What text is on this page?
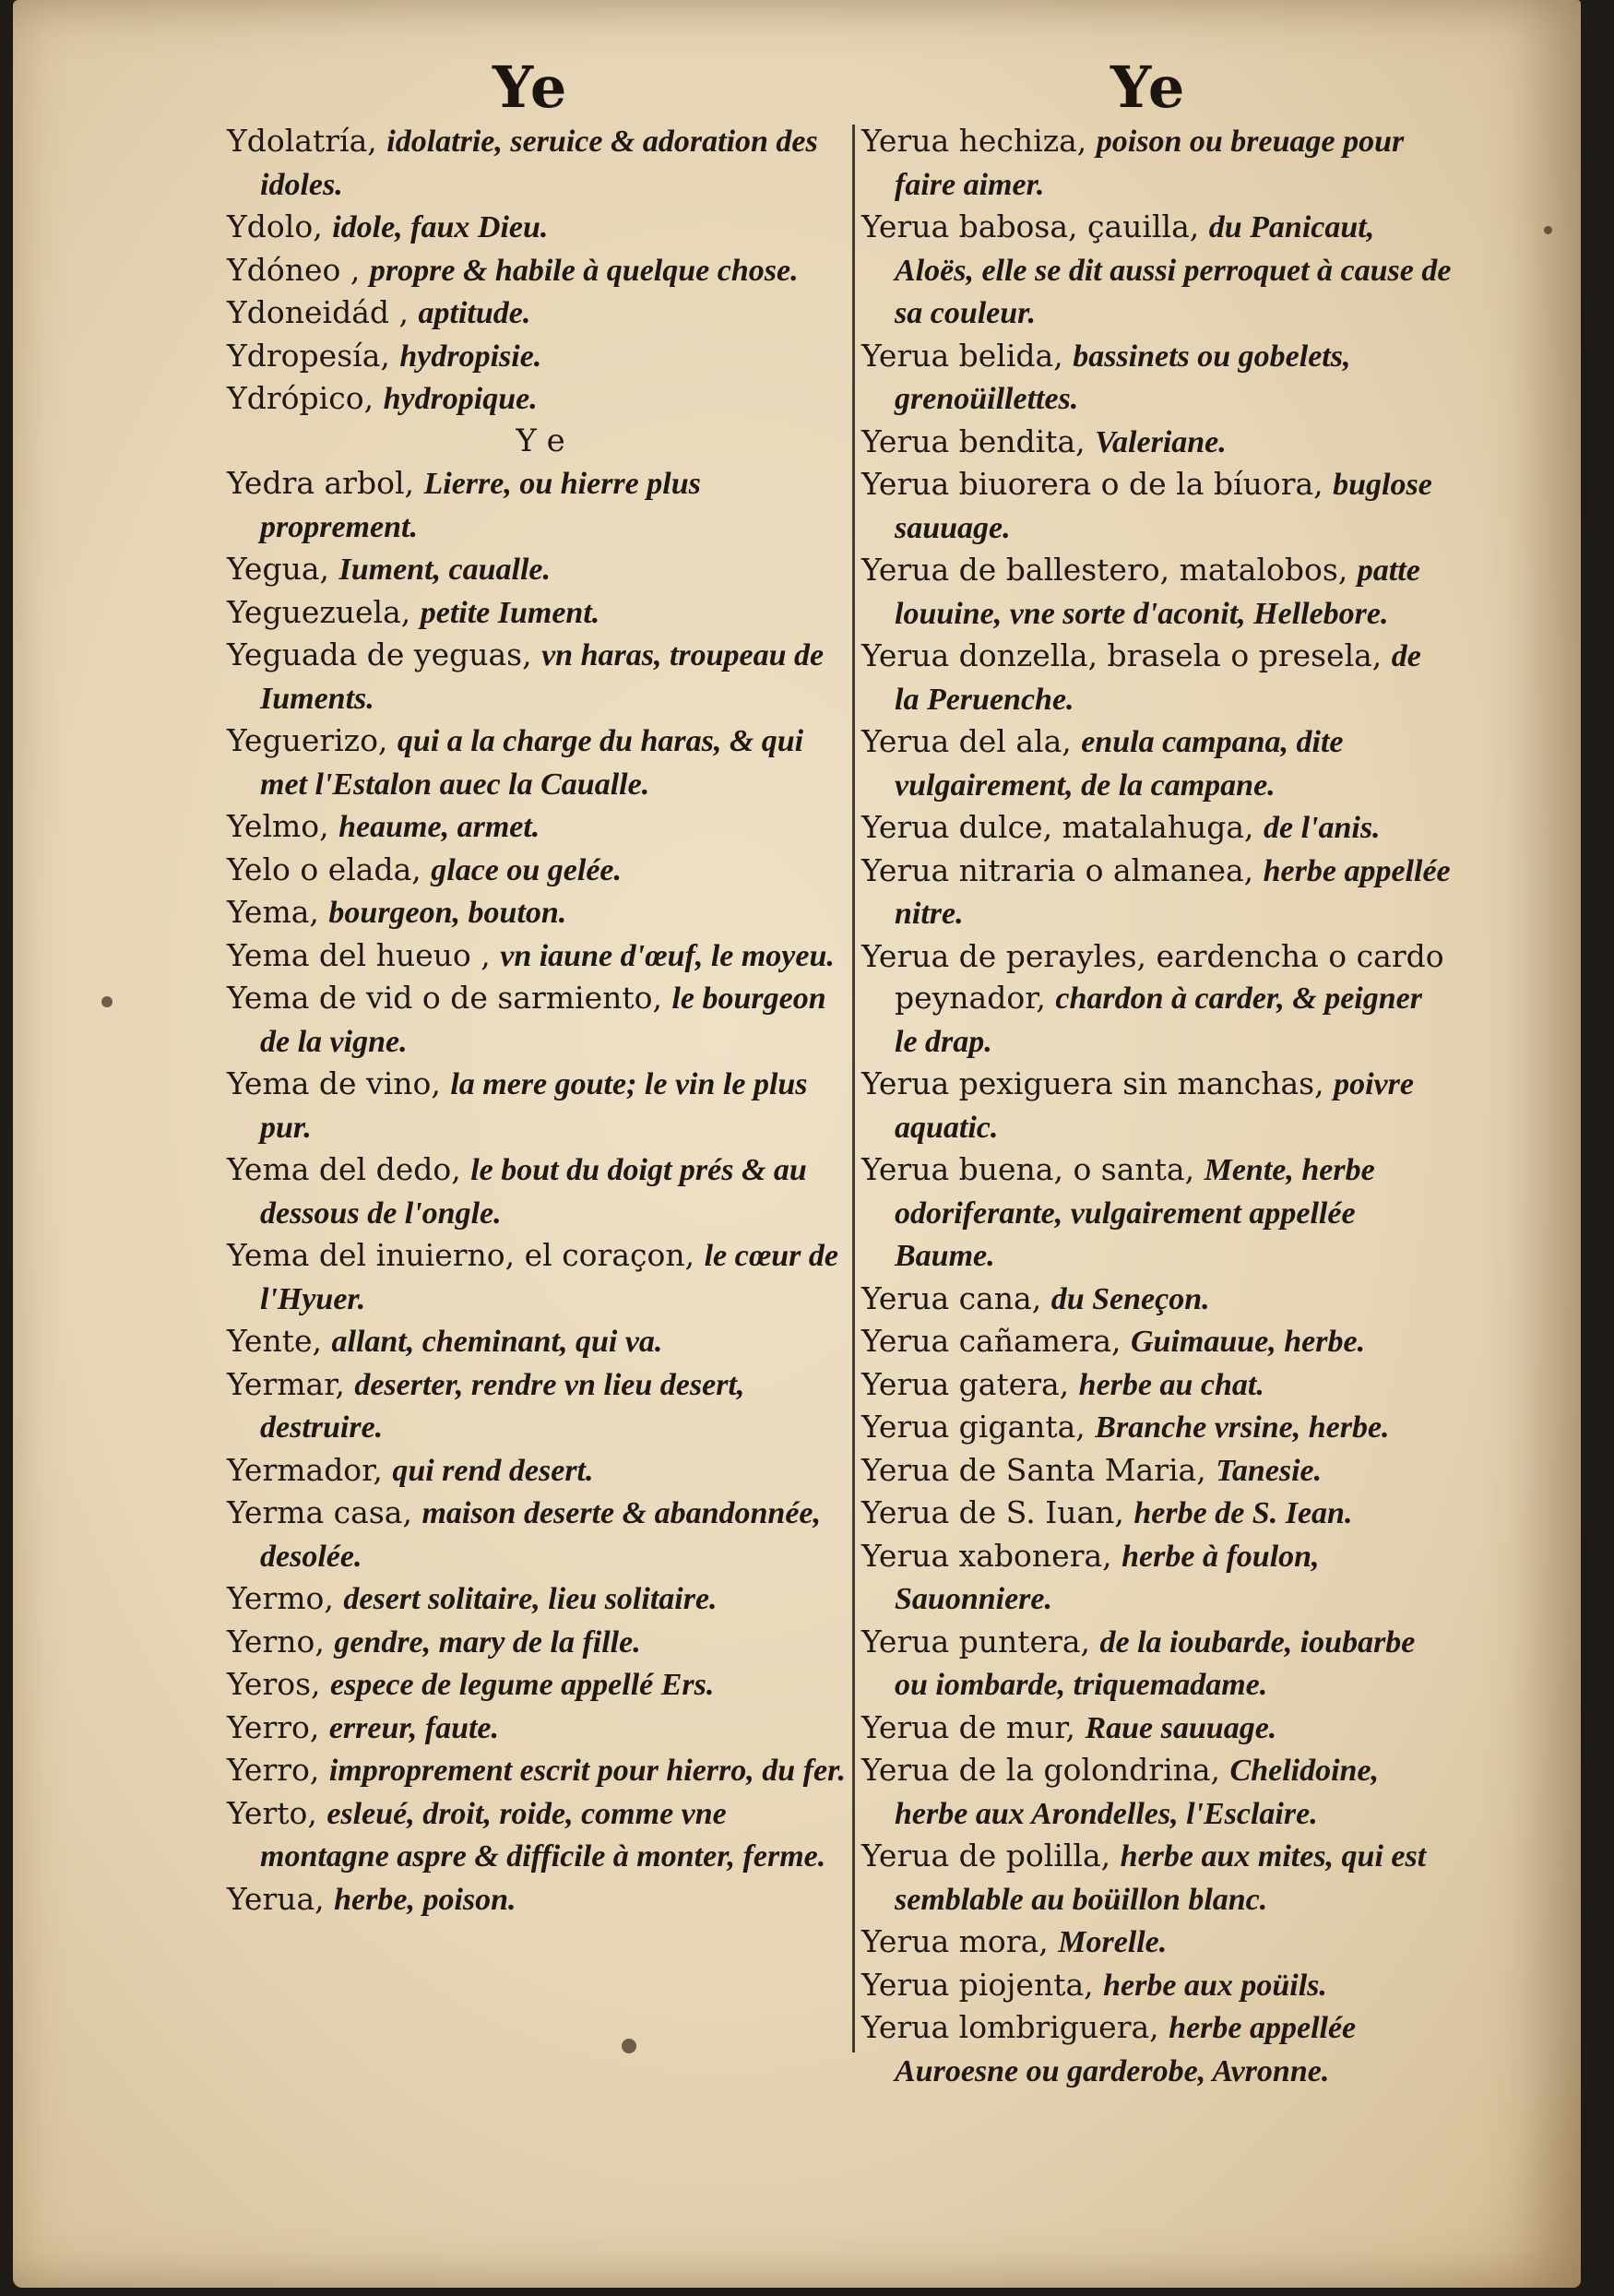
Ye	Ye
Ydolatría, idolatrie, seruice & adoration des idoles.
Ydolo, idole, faux Dieu.
Ydóneo , propre & habile à quelque chose.
Ydoneidád , aptitude.
Ydropesía, hydropisie.
Ydrópico, hydropique.
Y e
Yedra arbol, Lierre, ou hierre plus proprement.
Yegua, Iument, caualle.
Yeguezuela, petite Iument.
Yeguada de yeguas, vn haras, troupeau de Iuments.
Yeguerizo, qui a la charge du haras, & qui met l'Estalon auec la Caualle.
Yelmo, heaume, armet.
Yelo o elada, glace ou gelée.
Yema, bourgeon, bouton.
Yema del hueuo , vn iaune d'œuf, le moyeu.
Yema de vid o de sarmiento, le bourgeon de la vigne.
Yema de vino, la mere goute; le vin le plus pur.
Yema del dedo, le bout du doigt prés & au dessous de l'ongle.
Yema del inuierno, el coraçon, le cœur de l'Hyuer.
Yente, allant, cheminant, qui va.
Yermar, deserter, rendre vn lieu desert, destruire.
Yermador, qui rend desert.
Yerma casa, maison deserte & abandonnée, desolée.
Yermo, desert solitaire, lieu solitaire.
Yerno, gendre, mary de la fille.
Yeros, espece de legume appellé Ers.
Yerro, erreur, faute.
Yerro, improprement escrit pour hierro, du fer.
Yerto, esleué, droit, roide, comme vne montagne aspre & difficile à monter, ferme.
Yerua, herbe, poison.
Yerua hechiza, poison ou breuage pour faire aimer.
Yerua babosa, çauilla, du Panicaut, Aloës, elle se dit aussi perroquet à cause de sa couleur.
Yerua belida, bassinets ou gobelets, grenoüillettes.
Yerua bendita, Valeriane.
Yerua biuorera o de la bíuora, buglose sauuage.
Yerua de ballestero, matalobos, patte louuine, vne sorte d'aconit, Hellebore.
Yerua donzella, brasela o presela, de la Peruenche.
Yerua del ala, enula campana, dite vulgairement, de la campane.
Yerua dulce, matalahuga, de l'anis.
Yerua nitraria o almanea, herbe appellée nitre.
Yerua de perayles, eardencha o cardo peynador, chardon à carder, & peigner le drap.
Yerua pexiguera sin manchas, poivre aquatic.
Yerua buena, o santa, Mente, herbe odoriferante, vulgairement appellée Baume.
Yerua cana, du Seneçon.
Yerua cañamera, Guimauue, herbe.
Yerua gatera, herbe au chat.
Yerua giganta, Branche vrsine, herbe.
Yerua de Santa Maria, Tanesie.
Yerua de S. Iuan, herbe de S. Iean.
Yerua xabonera, herbe à foulon, Sauonniere.
Yerua puntera, de la ioubarde, ioubarbe ou iombarde, triquemadame.
Yerua de mur, Raue sauuage.
Yerua de la golondrina, Chelidoine, herbe aux Arondelles, l'Esclaire.
Yerua de polilla, herbe aux mites, qui est semblable au boüillon blanc.
Yerua mora, Morelle.
Yerua piojenta, herbe aux poüils.
Yerua lombriguera, herbe appellée Auroesne ou garderobe, Avronne.
